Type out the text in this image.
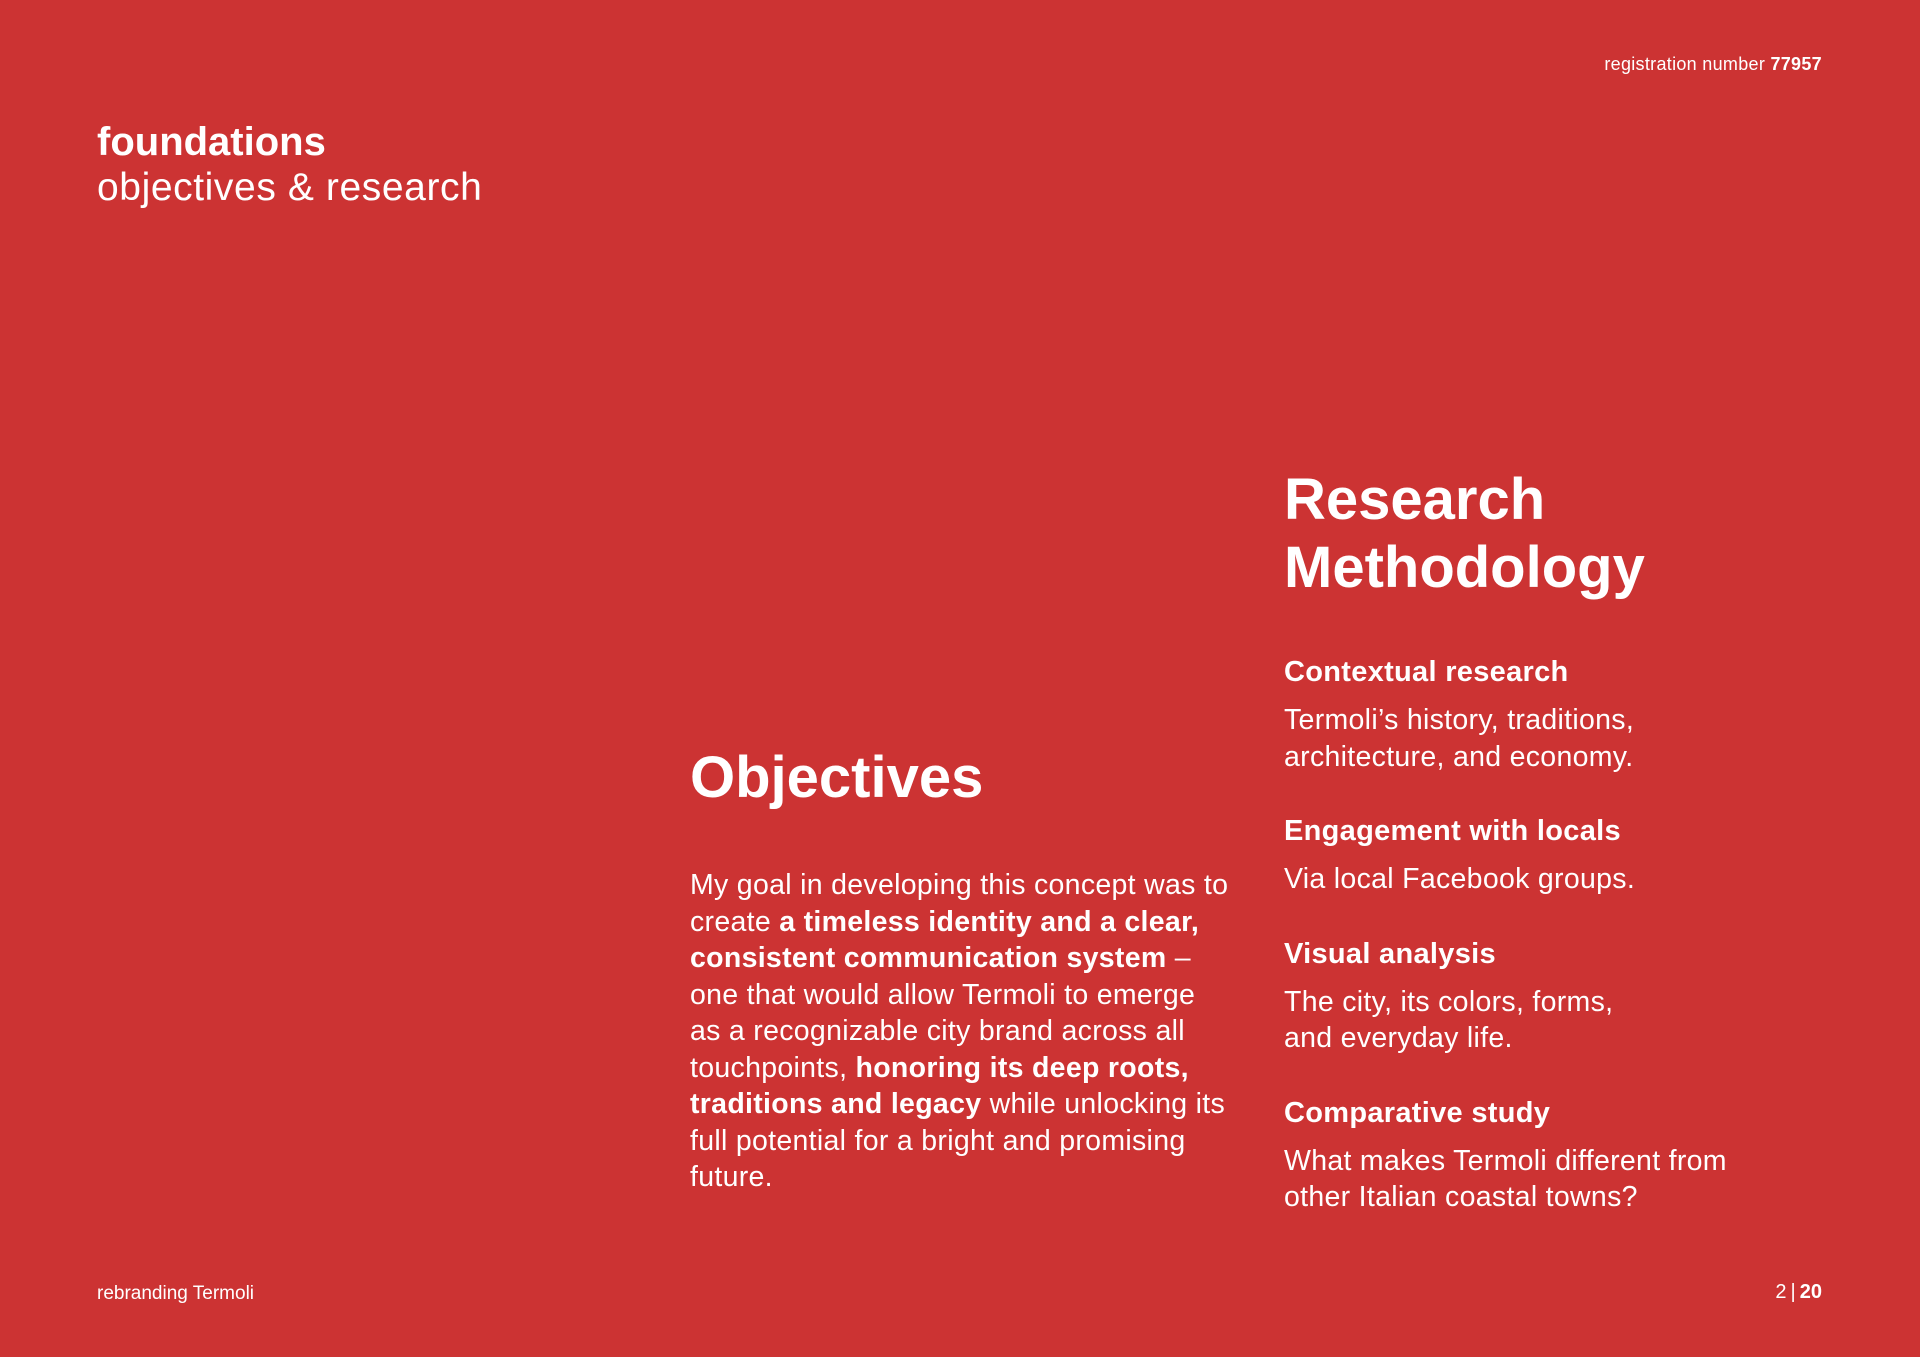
registration number 77957
foundations
objectives & research
Objectives

My goal in developing this concept was to create a timeless identity and a clear, consistent communication system – one that would allow Termoli to emerge as a recognizable city brand across all touchpoints, honoring its deep roots, traditions and legacy while unlocking its full potential for a bright and promising future.

Research
Methodology
Contextual research
Termoli’s history, traditions,
architecture, and economy.
Engagement with locals
Via local Facebook groups.
Visual analysis
The city, its colors, forms,
and everyday life.
Comparative study
What makes Termoli different from
other Italian coastal towns?
rebranding Termoli	2 | 20
